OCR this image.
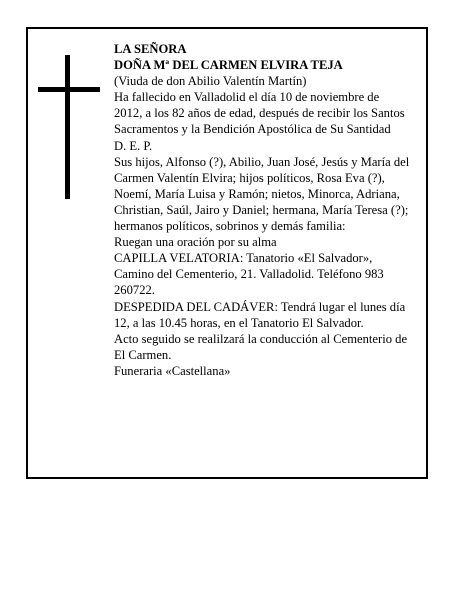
LA SEÑORA

DOÑA Mª DEL CARMEN ELVIRA TEJA

(Viuda de don Abilio Valentín Martín)

Ha fallecido en Valladolid el día 10 de noviembre de 2012, a los 82 años de edad, después de recibir los Santos Sacramentos y la Bendición Apostólica de Su Santidad

D. E. P.

Sus hijos, Alfonso (?), Abilio, Juan José, Jesús y María del Carmen Valentín Elvira; hijos políticos, Rosa Eva (?), Noemí, María Luisa y Ramón; nietos, Minorca, Adriana, Christian, Saúl, Jairo y Daniel; hermana, María Teresa (?); hermanos políticos, sobrinos y demás familia:

Ruegan una oración por su alma

CAPILLA VELATORIA: Tanatorio «El Salvador», Camino del Cementerio, 21. Valladolid. Teléfono 983 260722.

DESPEDIDA DEL CADÁVER: Tendrá lugar el lunes día 12, a las 10.45 horas, en el Tanatorio El Salvador.

Acto seguido se realilzará la conducción al Cementerio de El Carmen.

Funeraria «Castellana»
